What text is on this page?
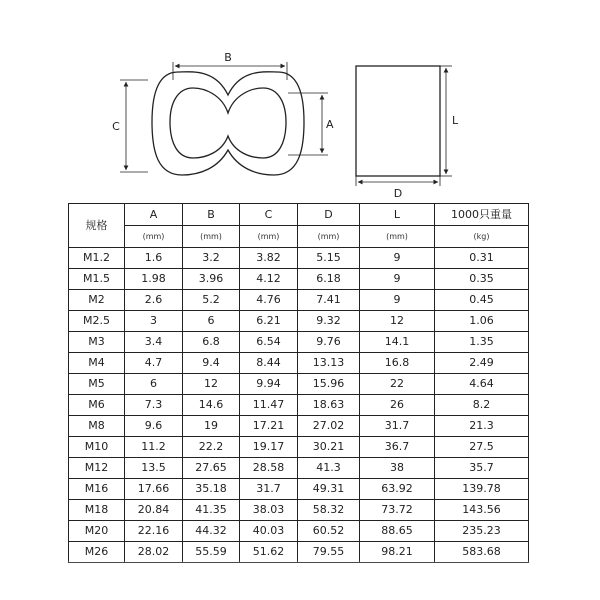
B
C	A	L
D
规格	A	B	C	D	L	1000只重量
	(mm)	(mm)	(mm)	(mm)	(mm)	(kg)
M1.2	1.6	3.2	3.82	5.15	9	0.31
M1.5	1.98	3.96	4.12	6.18	9	0.35
M2	2.6	5.2	4.76	7.41	9	0.45
M2.5	3	6	6.21	9.32	12	1.06
M3	3.4	6.8	6.54	9.76	14.1	1.35
M4	4.7	9.4	8.44	13.13	16.8	2.49
M5	6	12	9.94	15.96	22	4.64
M6	7.3	14.6	11.47	18.63	26	8.2
M8	9.6	19	17.21	27.02	31.7	21.3
M10	11.2	22.2	19.17	30.21	36.7	27.5
M12	13.5	27.65	28.58	41.3	38	35.7
M16	17.66	35.18	31.7	49.31	63.92	139.78
M18	20.84	41.35	38.03	58.32	73.72	143.56
M20	22.16	44.32	40.03	60.52	88.65	235.23
M26	28.02	55.59	51.62	79.55	98.21	583.68
